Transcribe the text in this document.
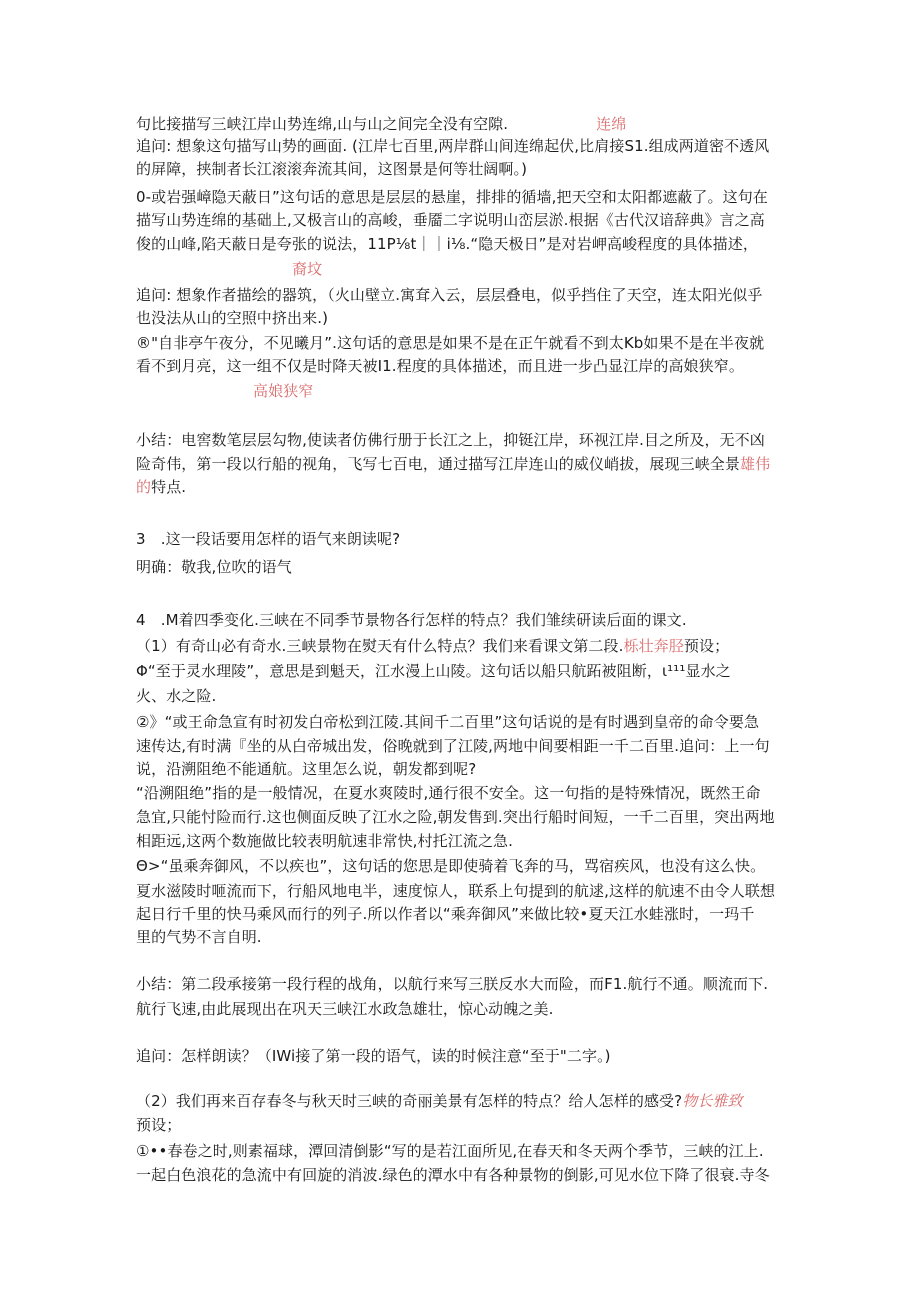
句比接描写三峡江岸山势连绵,山与山之间完全没有空隙.	连绵
追问: 想象这句描写山势的画面. (江岸七百里,两岸群山间连绵起伏,比肩接S1.组成两道密不透风
的屏障，挟制者长江滚滚奔流其间，这图景是何等壮阔啊。)
0-或岩强嶂隐天蔽日”这句话的意思是层层的悬崖，排排的循墙,把天空和太阳都遮蔽了。这句在
描写山势连绵的基础上,又极言山的高峻，垂靥二字说明山峦层淤.根据《古代汉谙辞典》言之高
俊的山峰,陷天蔽日是夸张的说法，11P⅛t｜｜i⅛.“隐天极日”是对岩岬高峻程度的具体描述，
裔坟
追问: 想象作者描绘的器筑，（火山壁立.寓耷入云，层层叠电，似乎挡住了天空，连太阳光似乎
也没法从山的空照中挤出来.)
®"自非亭午夜分，不见曦月”.这句话的意思是如果不是在正午就看不到太Kb如果不是在半夜就
看不到月亮，这一组不仅是时降天被I1.程度的具体描述，而且进一步凸显江岸的高娘狭窄。
高娘狭窄
小结：电窖数笔层层勾物,使读者仿佛行册于长江之上，抑铤江岸，环视江岸.目之所及，无不凶
险奇伟，第一段以行船的视角，飞写七百电，通过描写江岸连山的威仪峭拔，展现三峡全景雄伟
的特点.
3　.这一段话要用怎样的语气来朗读呢?
明确：敬我,位吹的语气
4　.M着四季变化.三峡在不同季节景物各行怎样的特点？我们雏续研读后面的课文.
（1）有奇山必有奇水.三峡景物在熨天有什么特点？我们来看课文第二段.栎壮奔胫预设；
Φ“至于灵水理陵”，意思是到魁天，江水漫上山陵。这句话以船只航跖被阻断，ι¹¹¹显水之
火、水之险.
②》“或王命急宣有时初发白帝松到江陵.其间千二百里”这句话说的是有时遇到皇帝的命令要急
速传达,有时满『坐的从白帝城出发，俗晚就到了江陵,两地中间要相距一千二百里.追问：上一句
说，沿溯阻绝不能通航。这里怎么说，朝发都到呢?
“沿溯阻绝”指的是一般情况，在夏水爽陵时,通行很不安全。这一句指的是特殊情况，既然王命
急宜,只能忖险而行.这也侧面反映了江水之险,朝发售到.突出行船时间短，一千二百里，突出两地
相距远,这两个数施做比较表明航速非常快,村托江流之急.
Θ>“虽乘奔御风，不以疾也”，这句话的您思是即使骑着飞奔的马，骂宿疾风，也没有这么快。
夏水滋陵时咂流而下，行船风地电半，速度惊人，联系上句提到的航逑,这样的航速不由令人联想
起日行千里的快马乘风而行的列子.所以作者以“乘奔御风”来做比较•夏天江水蛙涨时，一玛千
里的气势不言自明.
小结：第二段承接第一段行程的战角，以航行来写三朕反水大而险，而F1.航行不通。顺流而下.
航行飞速,由此展现出在巩天三峡江水政急雄壮，惊心动魄之美.
追问：怎样朗读？（IWi接了第一段的语气，读的时候注意“至于"二字。)
（2）我们再来百存春冬与秋天时三峡的奇丽美景有怎样的特点？给人怎样的感受?物长雅致
预设；
①••春卷之时,则素福球，潭回清倒影“写的是若江面所见,在春天和冬天两个季节，三峡的江上.
一起白色浪花的急流中有回旋的消波.绿色的潭水中有各种景物的倒影,可见水位下降了很衰.寺冬
